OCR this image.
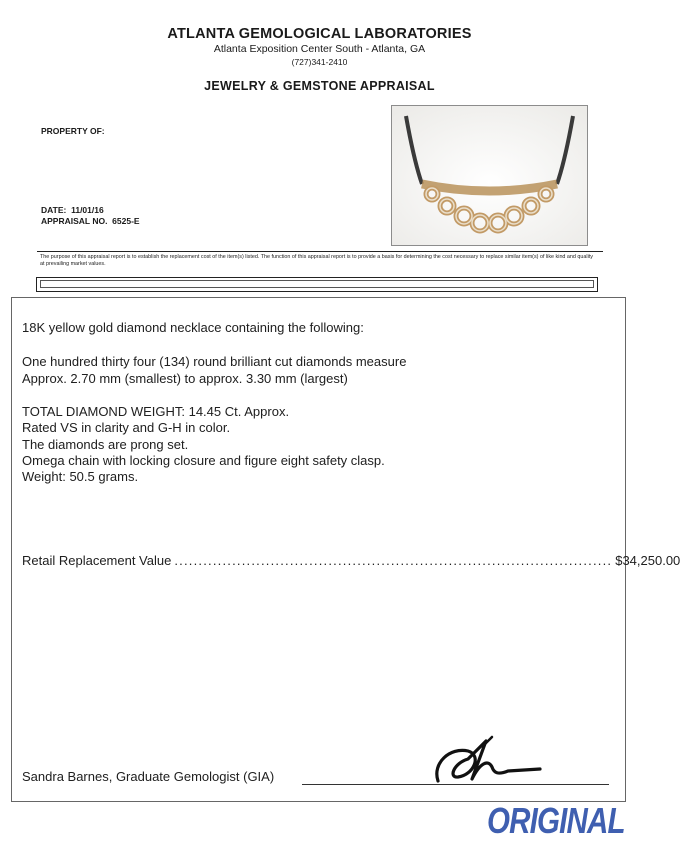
ATLANTA GEMOLOGICAL LABORATORIES
Atlanta Exposition Center South - Atlanta, GA
(727)341-2410
JEWELRY & GEMSTONE APPRAISAL
PROPERTY OF:
DATE: 11/01/16
APPRAISAL NO. 6525-E
The purpose of this appraisal report is to establish the replacement cost of the item(s) listed. The function of this appraisal report is to provide a basis for determining the cost necessary to replace similar item(s) of like kind and quality at prevailing market values.
18K yellow gold diamond necklace containing the following:
One hundred thirty four (134) round brilliant cut diamonds measure
Approx. 2.70 mm (smallest) to approx. 3.30 mm (largest)
TOTAL DIAMOND WEIGHT: 14.45 Ct. Approx.
Rated VS in clarity and G-H in color.
The diamonds are prong set.
Omega chain with locking closure and figure eight safety clasp.
Weight: 50.5 grams.
Retail Replacement Value ........................................................................................... $34,250.00
Sandra Barnes, Graduate Gemologist (GIA)
ORIGINAL
